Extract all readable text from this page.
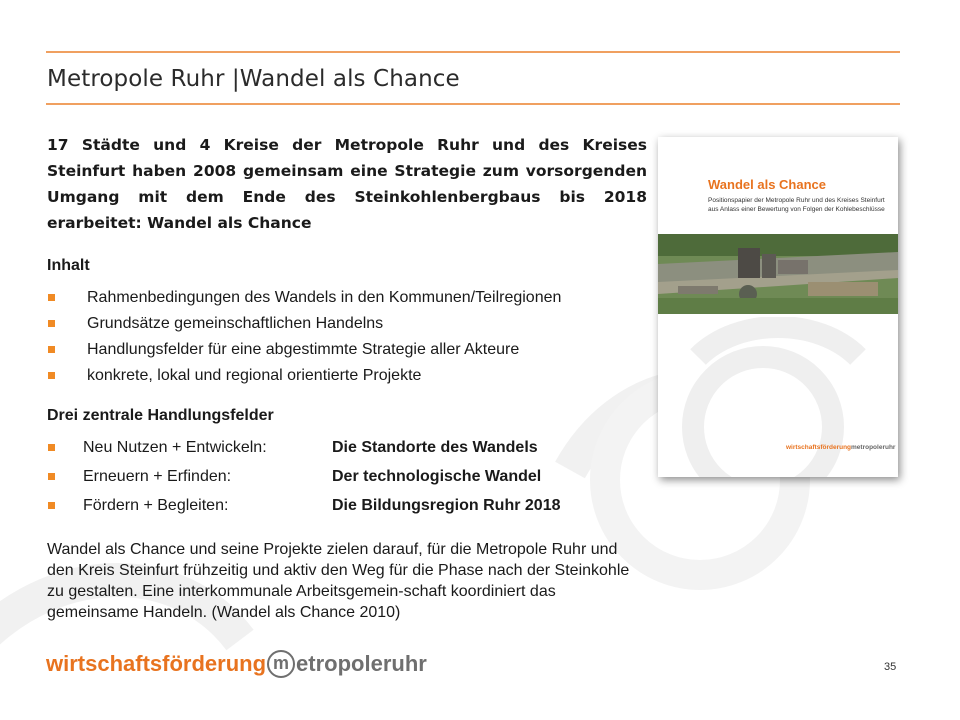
Metropole Ruhr |Wandel als Chance
17 Städte und 4 Kreise der Metropole Ruhr und des Kreises Steinfurt haben 2008 gemeinsam eine Strategie zum vorsorgenden Umgang mit dem Ende des Steinkohlenbergbaus bis 2018 erarbeitet: Wandel als Chance
Inhalt
Rahmenbedingungen des Wandels in den Kommunen/Teilregionen
Grundsätze gemeinschaftlichen Handelns
Handlungsfelder für eine abgestimmte Strategie aller Akteure
konkrete, lokal und regional orientierte Projekte
Drei zentrale Handlungsfelder
Neu Nutzen + Entwickeln:	Die Standorte des Wandels
Erneuern + Erfinden:	Der technologische Wandel
Fördern + Begleiten:	Die Bildungsregion Ruhr 2018
Wandel als Chance und seine Projekte zielen darauf, für die Metropole Ruhr und den Kreis Steinfurt frühzeitig und aktiv den Weg für die Phase nach der Steinkohle zu gestalten. Eine interkommunale Arbeitsgemein-schaft koordiniert das gemeinsame Handeln. (Wandel als Chance 2010)
Wandel als Chance
Positionspapier der Metropole Ruhr und des Kreises Steinfurt aus Anlass einer Bewertung von Folgen der Kohlebeschlüsse
wirtschaftsförderungmetropoleruhr
wirtschaftsförderung m etropoleruhr	35
